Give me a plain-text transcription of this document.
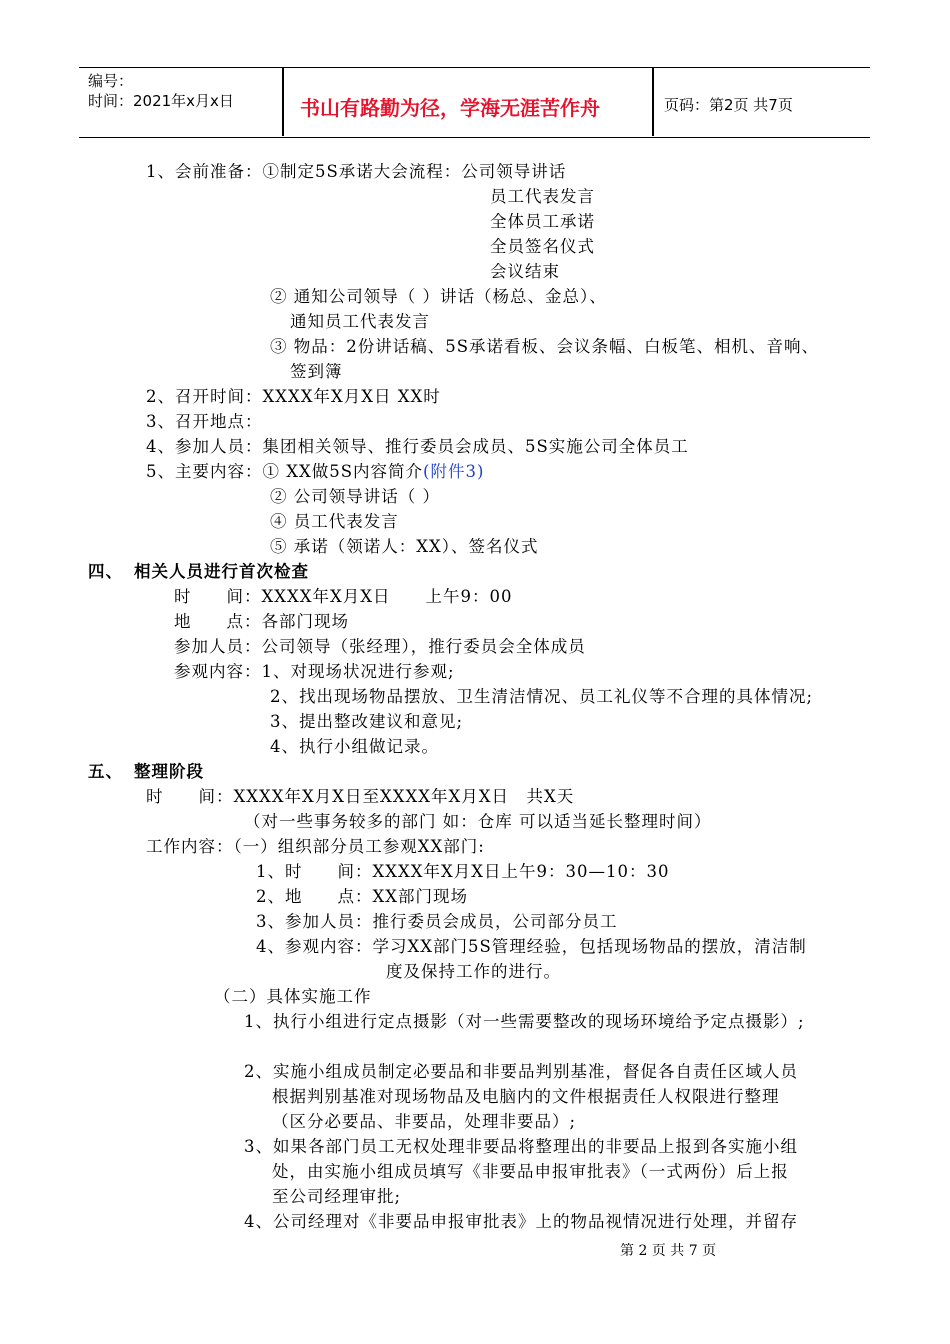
编号：
时间：2021年x月x日	书山有路勤为径，学海无涯苦作舟	页码：第2页 共7页
1、会前准备：①制定5S承诺大会流程：公司领导讲话
员工代表发言
全体员工承诺
全员签名仪式
会议结束
② 通知公司领导（ ）讲话（杨总、金总）、
通知员工代表发言
③ 物品：2份讲话稿、5S承诺看板、会议条幅、白板笔、相机、音响、
签到簿
2、召开时间：XXXX年X月X日 XX时
3、召开地点：
4、参加人员：集团相关领导、推行委员会成员、5S实施公司全体员工
5、主要内容：① XX做5S内容简介(附件3)
② 公司领导讲话（ ）
④ 员工代表发言
⑤ 承诺（领诺人：XX）、签名仪式
四、 相关人员进行首次检查
时　　间：XXXX年X月X日　　上午9：00
地　　点：各部门现场
参加人员：公司领导（张经理），推行委员会全体成员
参观内容：1、对现场状况进行参观;
2、找出现场物品摆放、卫生清洁情况、员工礼仪等不合理的具体情况;
3、提出整改建议和意见;
4、执行小组做记录。
五、 整理阶段
时　　间：XXXX年X月X日至XXXX年X月X日　共X天
（对一些事务较多的部门 如：仓库 可以适当延长整理时间）
工作内容：（一）组织部分员工参观XX部门:
1、时　　间：XXXX年X月X日上午9：30—10：30
2、地　　点：XX部门现场
3、参加人员：推行委员会成员，公司部分员工
4、参观内容：学习XX部门5S管理经验，包括现场物品的摆放，清洁制
度及保持工作的进行。
（二）具体实施工作
1、执行小组进行定点摄影（对一些需要整改的现场环境给予定点摄影）;
2、实施小组成员制定必要品和非要品判别基准，督促各自责任区域人员
根据判别基准对现场物品及电脑内的文件根据责任人权限进行整理
（区分必要品、非要品，处理非要品）;
3、如果各部门员工无权处理非要品将整理出的非要品上报到各实施小组
处，由实施小组成员填写《非要品申报审批表》（一式两份）后上报
至公司经理审批;
4、公司经理对《非要品申报审批表》上的物品视情况进行处理，并留存
第 2 页 共 7 页
